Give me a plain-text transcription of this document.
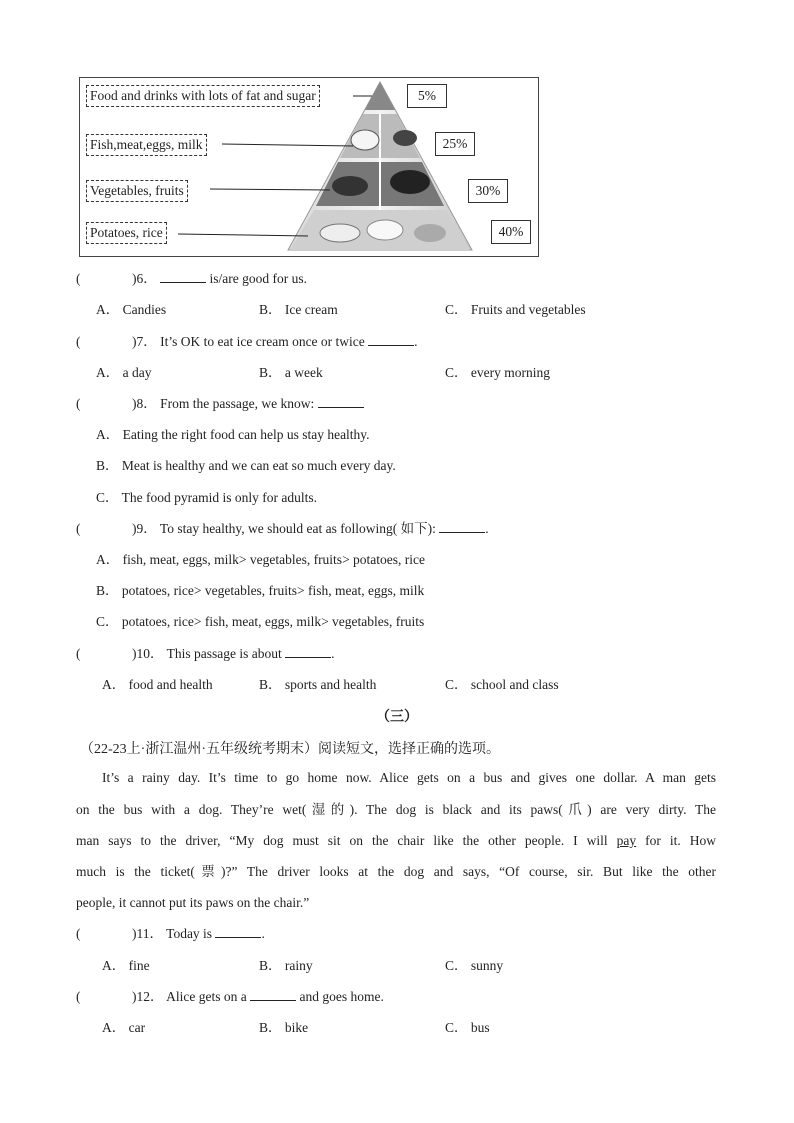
Food and drinks with lots of fat and sugar
Fish,meat,eggs, milk
Vegetables, fruits
Potatoes, rice
5%
25%
30%
40%
(	)6．	is/are good for us.
A． Candies	B． Ice cream	C． Fruits and vegetables
(	)7． It’s OK to eat ice cream once or twice	.
A． a day	B． a week	C． every morning
(	)8． From the passage, we know:
A． Eating the right food can help us stay healthy.
B． Meat is healthy and we can eat so much every day.
C． The food pyramid is only for adults.
(	)9． To stay healthy, we should eat as following( 如下):	.
A． fish, meat, eggs, milk> vegetables, fruits> potatoes, rice
B． potatoes, rice> vegetables, fruits> fish, meat, eggs, milk
C． potatoes, rice> fish, meat, eggs, milk> vegetables, fruits
(	)10． This passage is about	.
A． food and health	B． sports and health	C． school and class
（三）
（22-23上·浙江温州·五年级统考期末）阅读短文，选择正确的选项。
It’s a rainy day. It’s time to go home now. Alice gets on a bus and gives one dollar. A man gets
on the bus with a dog. They’re wet(湿的). The dog is black and its paws(爪) are very dirty. The
man says to the driver, “My dog must sit on the chair like the other people. I will pay for it. How
much is the ticket(票)?” The driver looks at the dog and says, “Of course, sir. But like the other
people, it cannot put its paws on the chair.”
(	)11． Today is	.
A． fine	B． rainy	C． sunny
(	)12． Alice gets on a	and goes home.
A． car	B． bike	C． bus
